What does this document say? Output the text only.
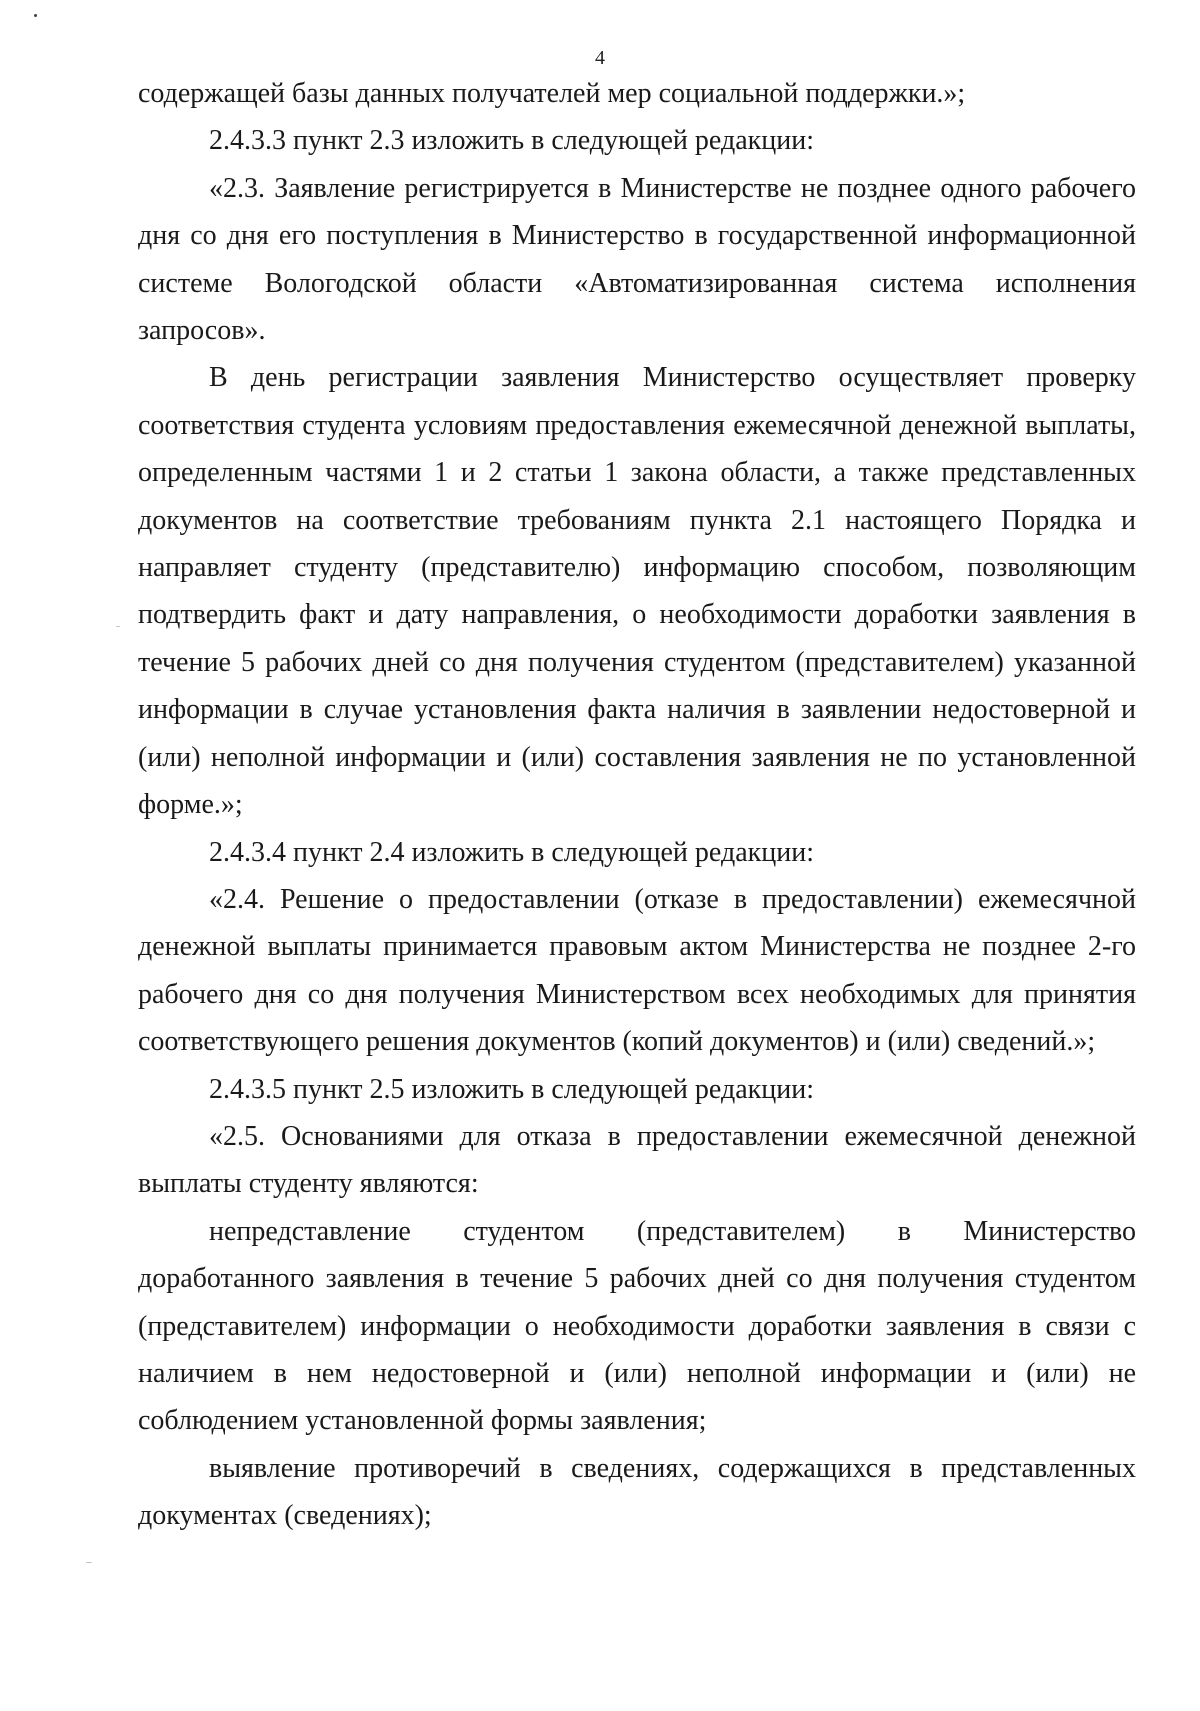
4

содержащей базы данных получателей мер социальной поддержки.»;

2.4.3.3 пункт 2.3 изложить в следующей редакции:

«2.3. Заявление регистрируется в Министерстве не позднее одного рабочего дня со дня его поступления в Министерство в государственной информационной системе Вологодской области «Автоматизированная система исполнения запросов».

В день регистрации заявления Министерство осуществляет проверку соответствия студента условиям предоставления ежемесячной денежной выплаты, определенным частями 1 и 2 статьи 1 закона области, а также представленных документов на соответствие требованиям пункта 2.1 настоящего Порядка и направляет студенту (представителю) информацию способом, позволяющим подтвердить факт и дату направления, о необходимости доработки заявления в течение 5 рабочих дней со дня получения студентом (представителем) указанной информации в случае установления факта наличия в заявлении недостоверной и (или) неполной информации и (или) составления заявления не по установленной форме.»;

2.4.3.4 пункт 2.4 изложить в следующей редакции:

«2.4. Решение о предоставлении (отказе в предоставлении) ежемесячной денежной выплаты принимается правовым актом Министерства не позднее 2-го рабочего дня со дня получения Министерством всех необходимых для принятия соответствующего решения документов (копий документов) и (или) сведений.»;

2.4.3.5 пункт 2.5 изложить в следующей редакции:

«2.5. Основаниями для отказа в предоставлении ежемесячной денежной выплаты студенту являются:

непредставление студентом (представителем) в Министерство доработанного заявления в течение 5 рабочих дней со дня получения студентом (представителем) информации о необходимости доработки заявления в связи с наличием в нем недостоверной и (или) неполной информации и (или) не соблюдением установленной формы заявления;

выявление противоречий в сведениях, содержащихся в представленных документах (сведениях);
